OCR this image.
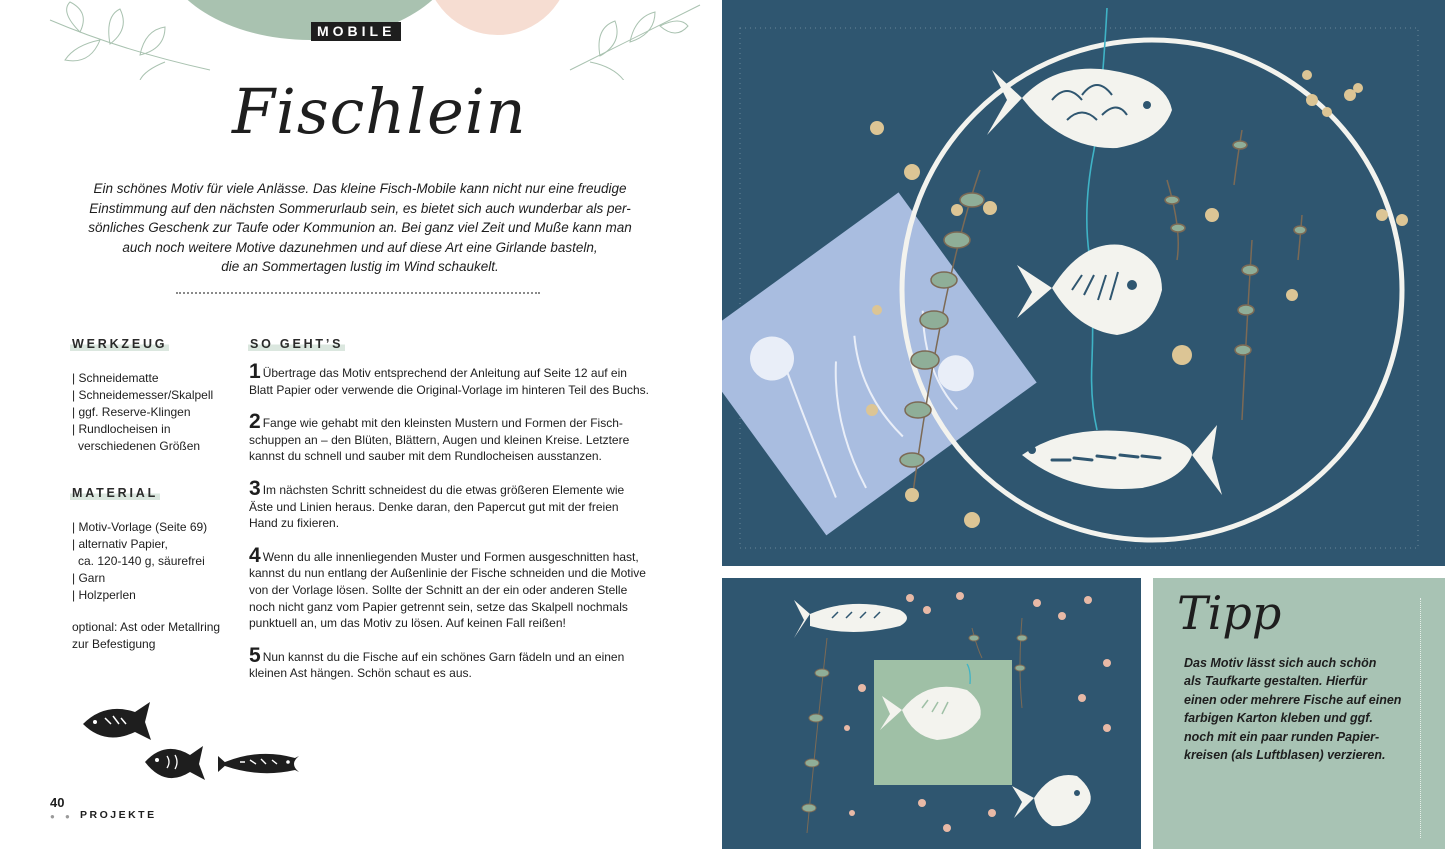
MOBILE
Fischlein
Ein schönes Motiv für viele Anlässe. Das kleine Fisch-Mobile kann nicht nur eine freudige
Einstimmung auf den nächsten Sommerurlaub sein, es bietet sich auch wunderbar als per-
sönliches Geschenk zur Taufe oder Kommunion an. Bei ganz viel Zeit und Muße kann man
auch noch weitere Motive dazunehmen und auf diese Art eine Girlande basteln,
die an Sommertagen lustig im Wind schaukelt.
WERKZEUG
| Schneidematte
| Schneidemesser/Skalpell
| ggf. Reserve-Klingen
| Rundlocheisen in
verschiedenen Größen
MATERIAL
| Motiv-Vorlage (Seite 69)
| alternativ Papier,
ca. 120-140 g, säurefrei
| Garn
| Holzperlen
optional: Ast oder Metallring
zur Befestigung
SO GEHT’S

1 Übertrage das Motiv entsprechend der Anleitung auf Seite 12 auf ein Blatt Papier oder verwende die Original-Vorlage im hinteren Teil des Buchs.

2 Fange wie gehabt mit den kleinsten Mustern und Formen der Fisch-schuppen an – den Blüten, Blättern, Augen und kleinen Kreise. Letztere kannst du schnell und sauber mit dem Rundlocheisen ausstanzen.

3 Im nächsten Schritt schneidest du die etwas größeren Elemente wie Äste und Linien heraus. Denke daran, den Papercut gut mit der freien Hand zu fixieren.

4 Wenn du alle innenliegenden Muster und Formen ausgeschnitten hast, kannst du nun entlang der Außenlinie der Fische schneiden und die Motive von der Vorlage lösen. Sollte der Schnitt an der ein oder anderen Stelle noch nicht ganz vom Papier getrennt sein, setze das Skalpell nochmals punktuell an, um das Motiv zu lösen. Auf keinen Fall reißen!

5 Nun kannst du die Fische auf ein schönes Garn fädeln und an einen kleinen Ast hängen. Schön schaut es aus.

40
● ● PROJEKTE
Tipp
Das Motiv lässt sich auch schön
als Taufkarte gestalten. Hierfür
einen oder mehrere Fische auf einen
farbigen Karton kleben und ggf.
noch mit ein paar runden Papier-
kreisen (als Luftblasen) verzieren.
